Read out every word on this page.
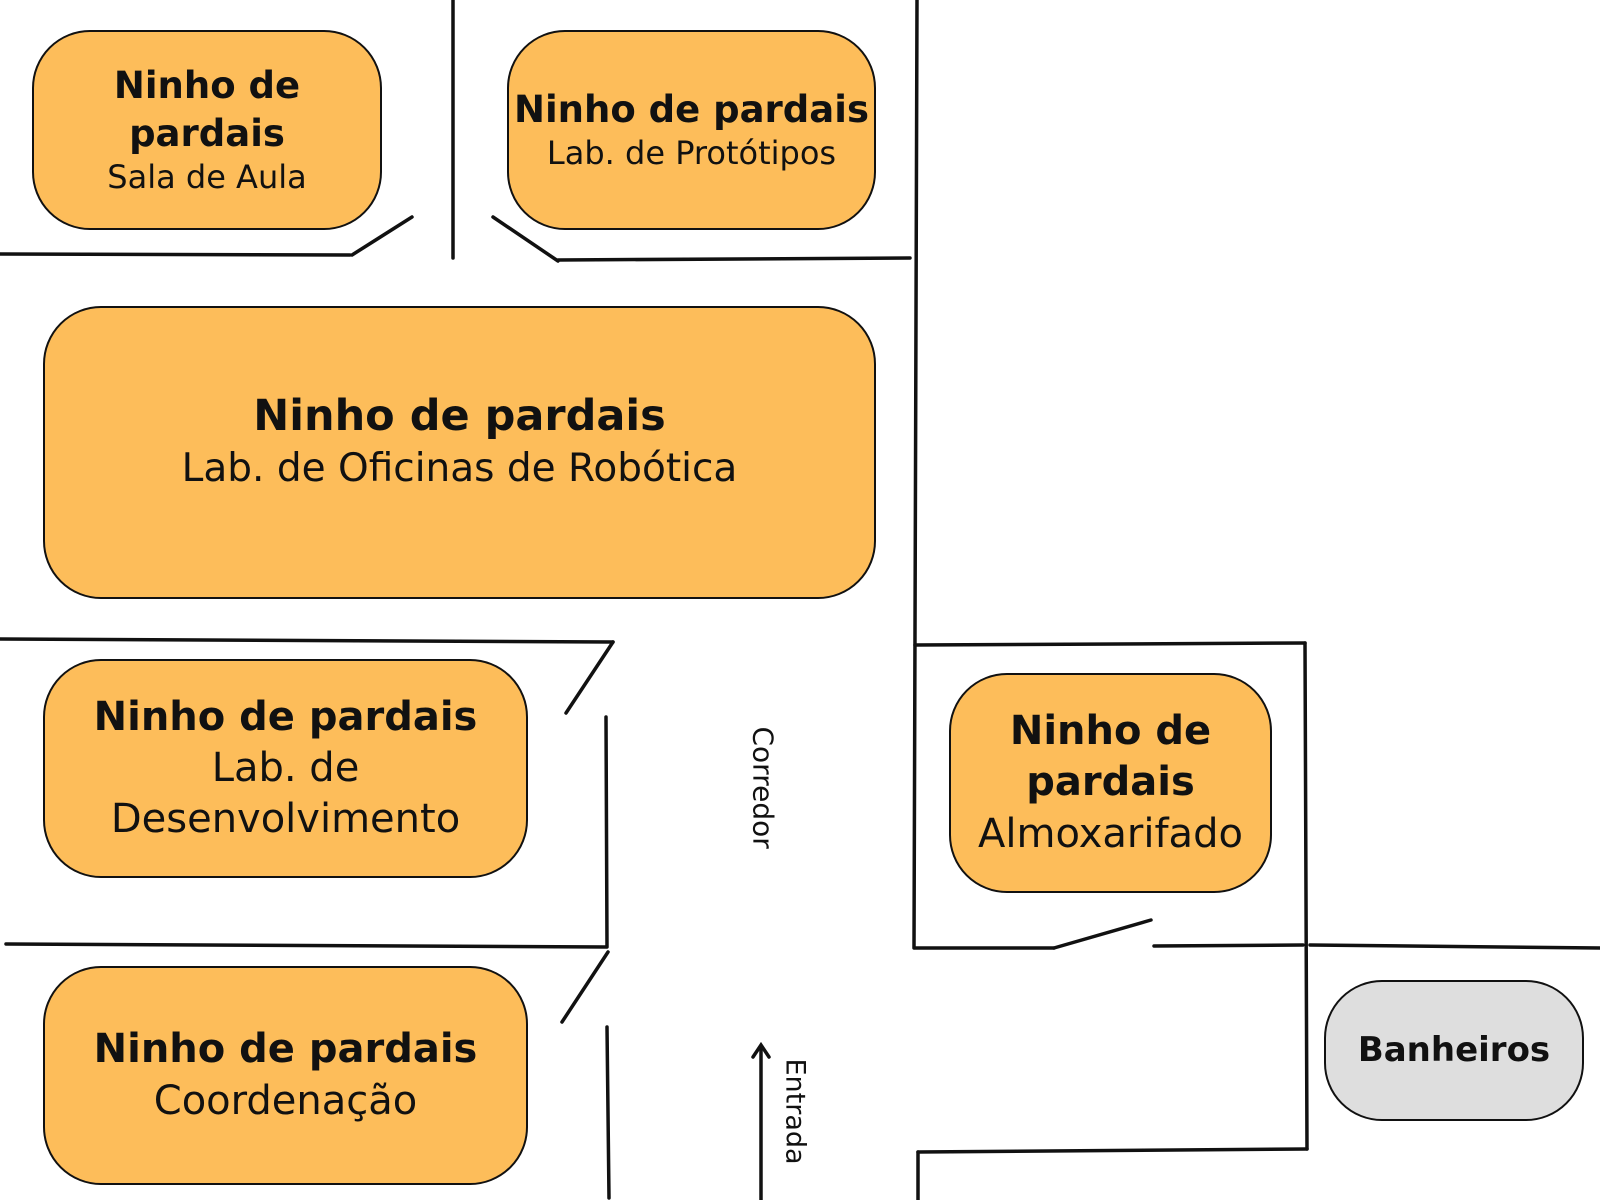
Ninho de pardais
Sala de Aula
Ninho de pardais
Lab. de Protótipos
Ninho de pardais
Lab. de Oficinas de Robótica
Ninho de pardais
Lab. de Desenvolvimento
Ninho de pardais
Coordenação
Ninho de pardais
Almoxarifado
Banheiros
Corredor
Entrada
